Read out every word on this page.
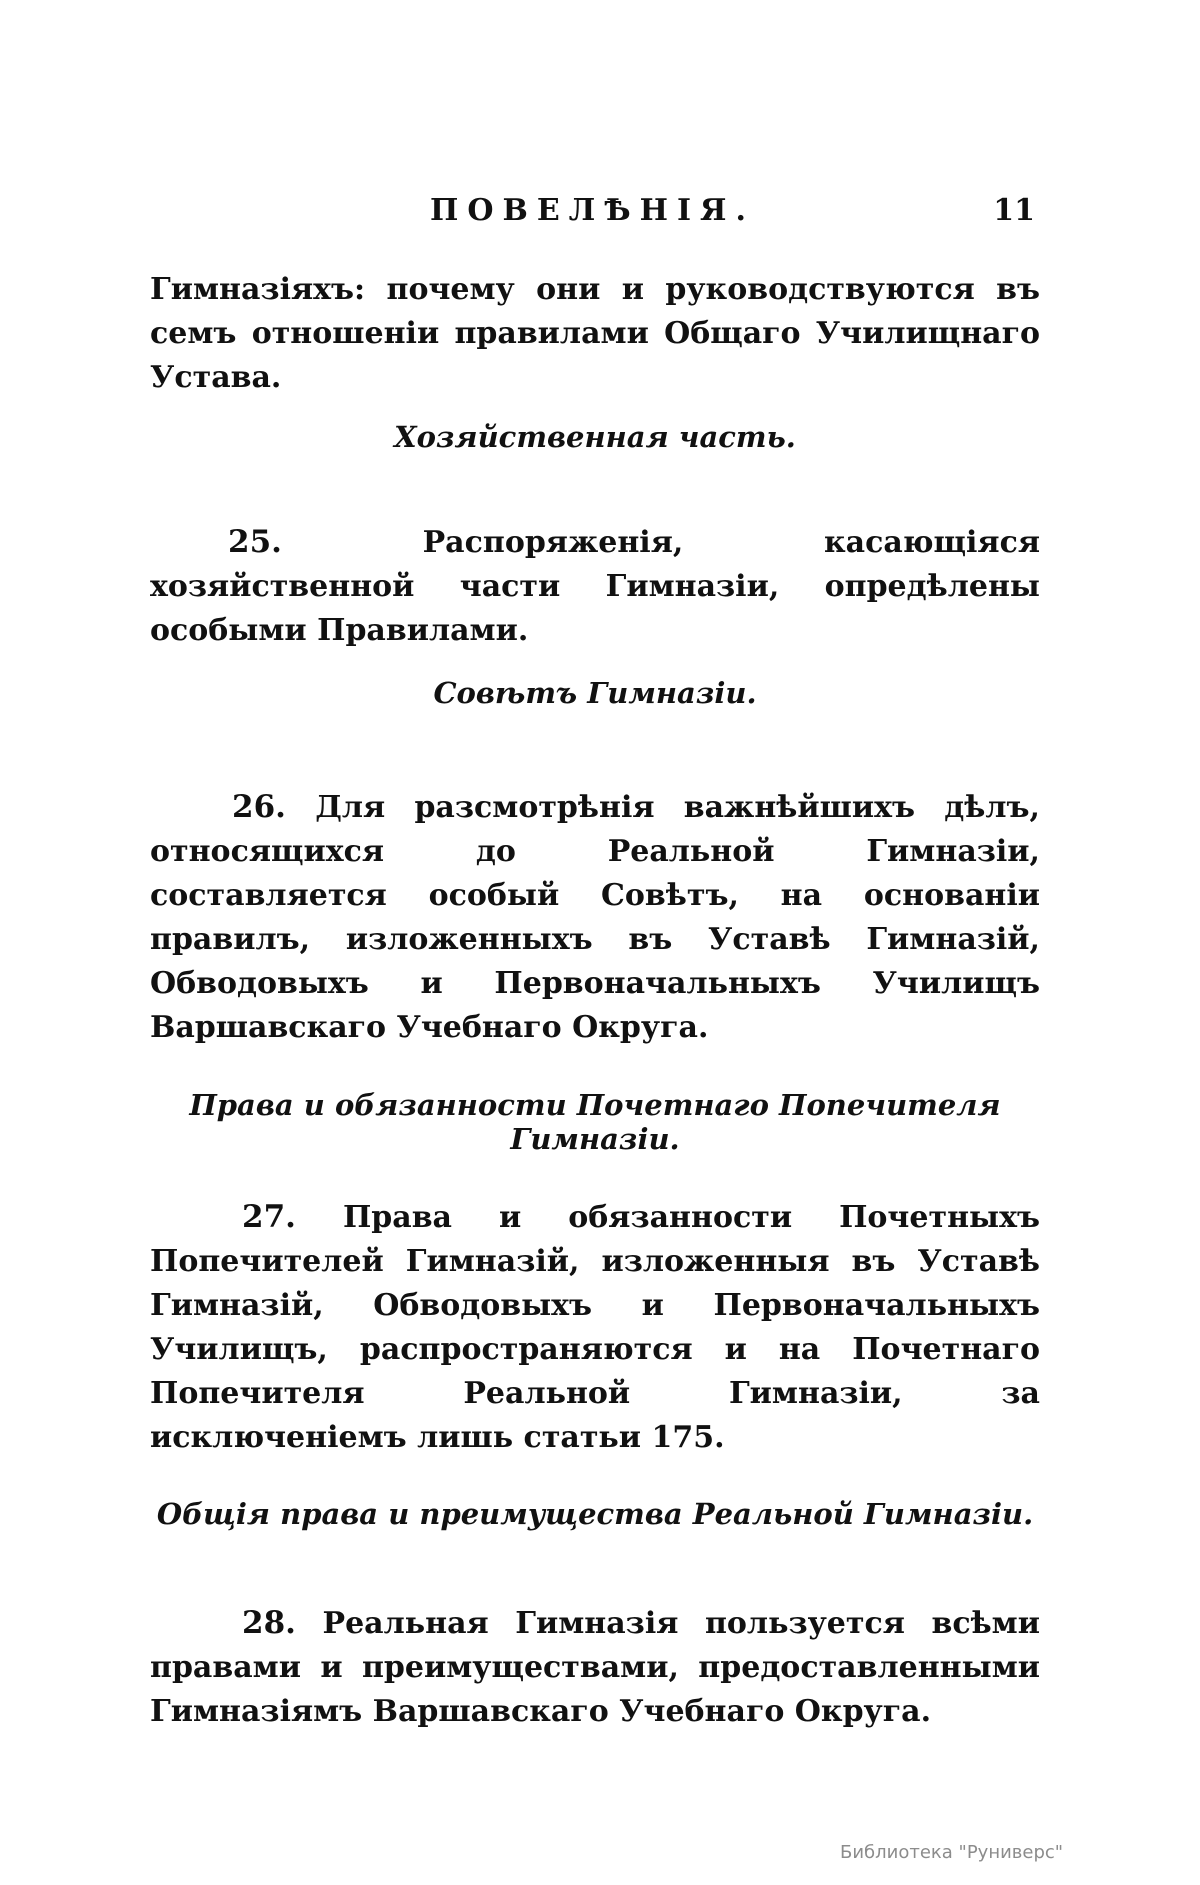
ПОВЕЛѢНІЯ.	11
Гимназіяхъ: почему они и руководствуются въ семъ отношеніи правилами Общаго Училищнаго Устава.
Хозяйственная часть.
25. Распоряженія, касающіяся хозяйственной части Гимназіи, опредѣлены особыми Правилами.
Совѣтъ Гимназіи.
26. Для разсмотрѣнія важнѣйшихъ дѣлъ, относящихся до Реальной Гимназіи, составляется особый Совѣтъ, на основаніи правилъ, изложенныхъ въ Уставѣ Гимназій, Обводовыхъ и Первоначальныхъ Училищъ Варшавскаго Учебнаго Округа.
Права и обязанности Почетнаго Попечителя Гимназіи.
27. Права и обязанности Почетныхъ Попечителей Гимназій, изложенныя въ Уставѣ Гимназій, Обводовыхъ и Первоначальныхъ Училищъ, распространяются и на Почетнаго Попечителя Реальной Гимназіи, за исключеніемъ лишь статьи 175.
Общія права и преимущества Реальной Гимназіи.
28. Реальная Гимназія пользуется всѣми правами и преимуществами, предоставленными Гимназіямъ Варшавскаго Учебнаго Округа.
Библиотека "Руниверс"
